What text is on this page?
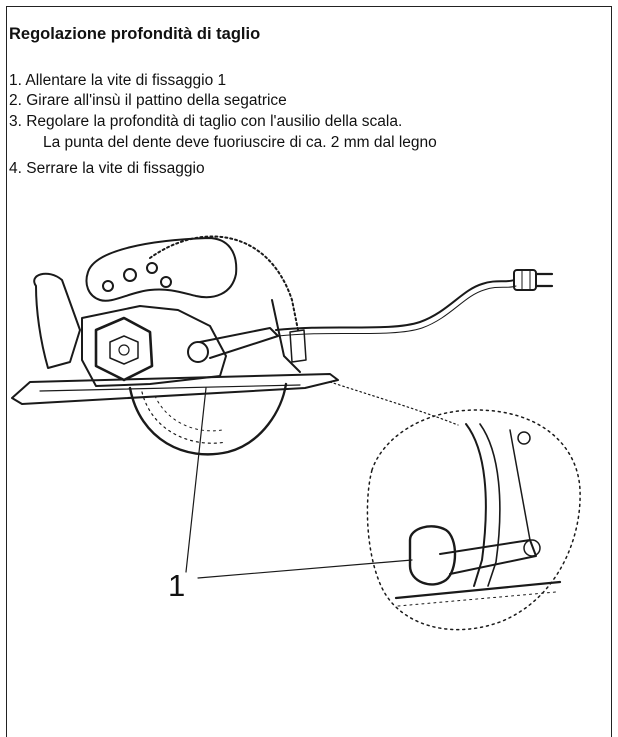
Regolazione profondità di taglio
1. Allentare la vite di fissaggio 1
2. Girare all'insù il pattino della segatrice
3. Regolare la profondità di taglio con l'ausilio della scala.
La punta del dente deve fuoriuscire di ca. 2 mm dal legno
4. Serrare la vite di fissaggio
1
